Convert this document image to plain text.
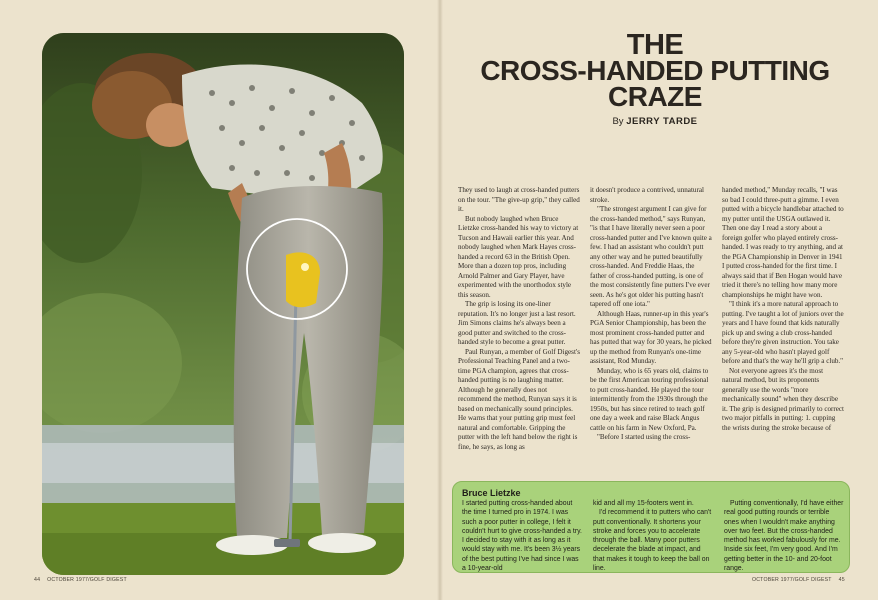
THE
CROSS-HANDED PUTTING
CRAZE
By JERRY TARDE

They used to laugh at cross-handed putters on the tour. "The give-up grip," they called it.

But nobody laughed when Bruce Lietzke cross-handed his way to victory at Tucson and Hawaii earlier this year. And nobody laughed when Mark Hayes cross-handed a record 63 in the British Open. More than a dozen top pros, including Arnold Palmer and Gary Player, have experimented with the unorthodox style this season.

The grip is losing its one-liner reputation. It's no longer just a last resort. Jim Simons claims he's always been a good putter and switched to the cross-handed style to become a great putter.

Paul Runyan, a member of Golf Digest's Professional Teaching Panel and a two-time PGA champion, agrees that cross-handed putting is no laughing matter. Although he generally does not recommend the method, Runyan says it is based on mechanically sound principles. He warns that your putting grip must feel natural and comfortable. Gripping the putter with the left hand below the right is fine, he says, as long as

it doesn't produce a contrived, unnatural stroke.

"The strongest argument I can give for the cross-handed method," says Runyan, "is that I have literally never seen a poor cross-handed putter and I've known quite a few. I had an assistant who couldn't putt any other way and he putted beautifully cross-handed. And Freddie Haas, the father of cross-handed putting, is one of the most consistently fine putters I've ever seen. As he's got older his putting hasn't tapered off one iota."

Although Haas, runner-up in this year's PGA Senior Championship, has been the most prominent cross-handed putter and has putted that way for 30 years, he picked up the method from Runyan's one-time assistant, Rod Munday.

Munday, who is 65 years old, claims to be the first American touring professional to putt cross-handed. He played the tour intermittently from the 1930s through the 1950s, but has since retired to teach golf one day a week and raise Black Angus cattle on his farm in New Oxford, Pa.

"Before I started using the cross-

handed method," Munday recalls, "I was so bad I could three-putt a gimme. I even putted with a bicycle handlebar attached to my putter until the USGA outlawed it. Then one day I read a story about a foreign golfer who played entirely cross-handed. I was ready to try anything, and at the PGA Championship in Denver in 1941 I putted cross-handed for the first time. I always said that if Ben Hogan would have tried it there's no telling how many more championships he might have won.

"I think it's a more natural approach to putting. I've taught a lot of juniors over the years and I have found that kids naturally pick up and swing a club cross-handed before they're given instruction. You take any 5-year-old who hasn't played golf before and that's the way he'll grip a club."

Not everyone agrees it's the most natural method, but its proponents generally use the words "more mechanically sound" when they describe it. The grip is designed primarily to correct two major pitfalls in putting: 1. cupping the wrists during the stroke because of

Bruce Lietzke

I started putting cross-handed about the time I turned pro in 1974. I was such a poor putter in college, I felt it couldn't hurt to give cross-handed a try. I decided to stay with it as long as it would stay with me. It's been 3½ years of the best putting I've had since I was a 10-year-old

kid and all my 15-footers went in.

I'd recommend it to putters who can't putt conventionally. It shortens your stroke and forces you to accelerate through the ball. Many poor putters decelerate the blade at impact, and that makes it tough to keep the ball on line.

Putting conventionally, I'd have either real good putting rounds or terrible ones when I wouldn't make anything over two feet. But the cross-handed method has worked fabulously for me. Inside six feet, I'm very good. And I'm getting better in the 10- and 20-foot range.

44 OCTOBER 1977/GOLF DIGEST	OCTOBER 1977/GOLF DIGEST 45
